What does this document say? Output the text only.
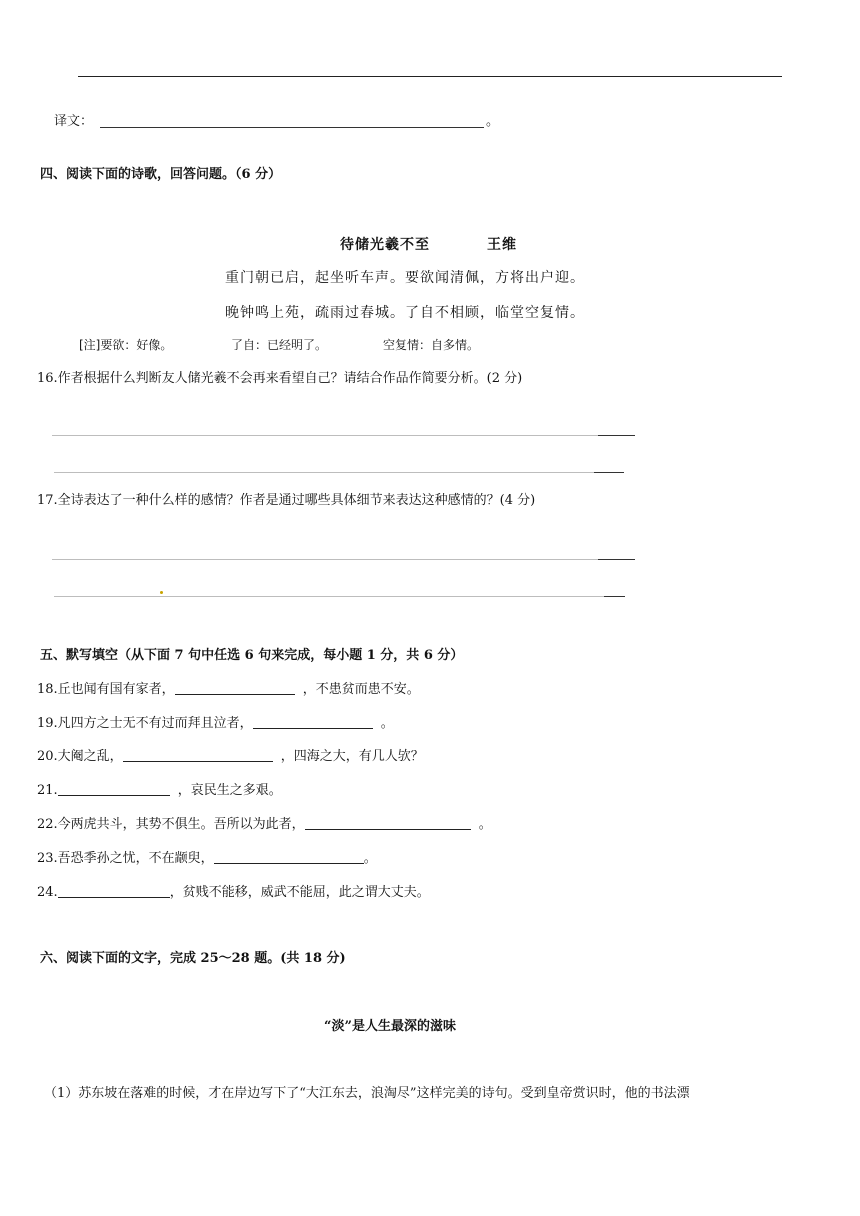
译文：	。
四、阅读下面的诗歌，回答问题。（6 分）
待储光羲不至	王维
重门朝已启，起坐听车声。要欲闻清佩，方将出户迎。
晚钟鸣上苑，疏雨过春城。了自不相顾，临堂空复情。
[注]要欲：好像。	了自：已经明了。	空复情：自多情。
16.作者根据什么判断友人储光羲不会再来看望自己？请结合作品作简要分析。(2 分)
17.全诗表达了一种什么样的感情？作者是通过哪些具体细节来表达这种感情的？(4 分)
五、默写填空（从下面 7 句中任选 6 句来完成，每小题 1 分，共 6 分）
18.丘也闻有国有家者，	，不患贫而患不安。
19.凡四方之士无不有过而拜且泣者，	。
20.大阉之乱，	，四海之大，有几人欤？
21.	，哀民生之多艰。
22.今两虎共斗，其势不俱生。吾所以为此者，	。
23.吾恐季孙之忧，不在颛臾，	。
24.	，贫贱不能移，威武不能屈，此之谓大丈夫。
六、阅读下面的文字，完成 25～28 题。(共 18 分)
“淡”是人生最深的滋味
（1）苏东坡在落难的时候，才在岸边写下了“大江东去，浪淘尽”这样完美的诗句。受到皇帝赏识时，他的书法漂
